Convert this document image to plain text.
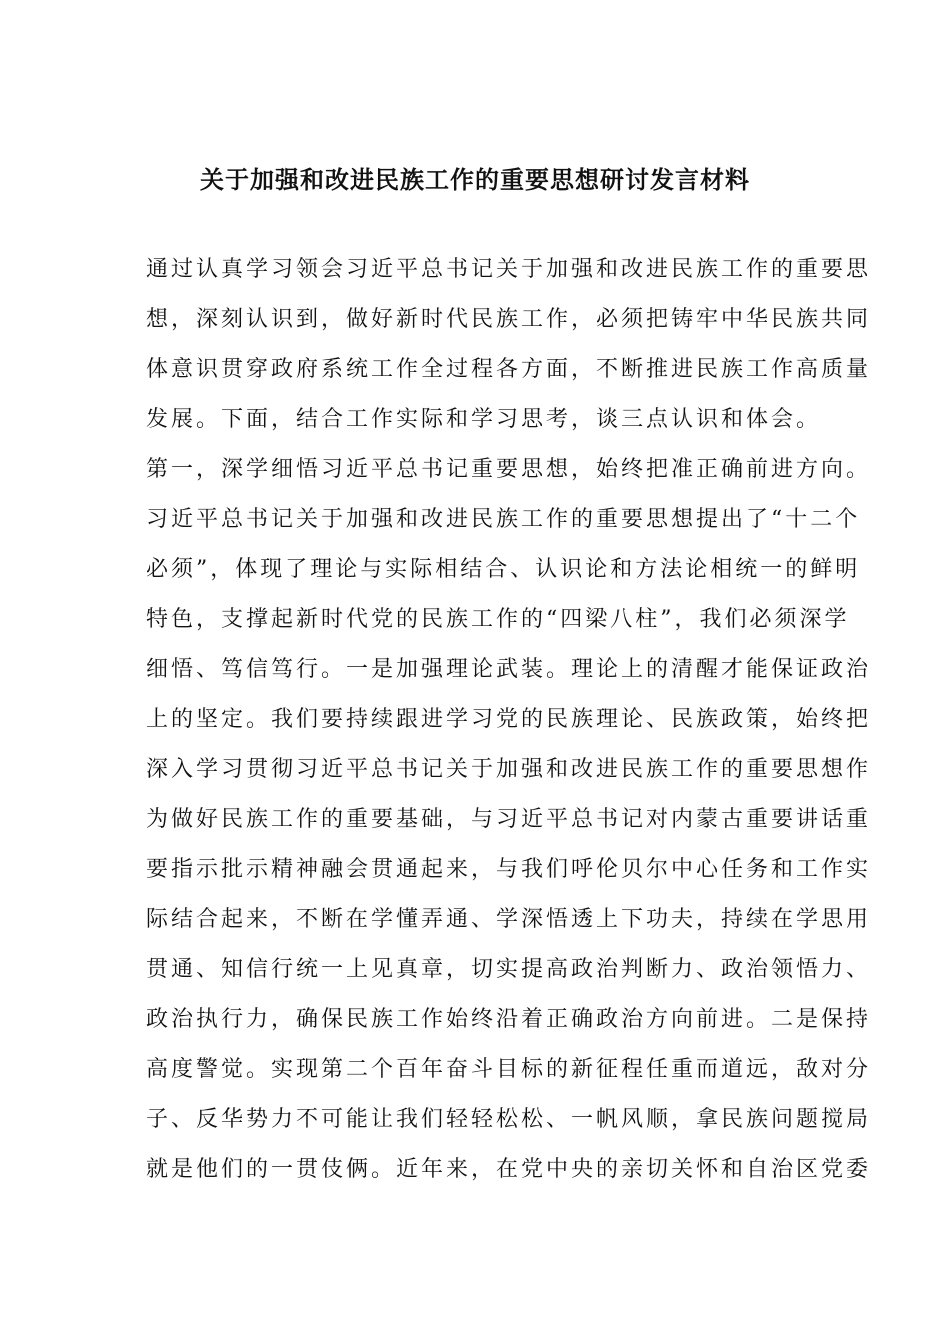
关于加强和改进民族工作的重要思想研讨发言材料
通过认真学习领会习近平总书记关于加强和改进民族工作的重要思
想，深刻认识到，做好新时代民族工作，必须把铸牢中华民族共同
体意识贯穿政府系统工作全过程各方面，不断推进民族工作高质量
发展。下面，结合工作实际和学习思考，谈三点认识和体会。
第一，深学细悟习近平总书记重要思想，始终把准正确前进方向。
习近平总书记关于加强和改进民族工作的重要思想提出了“十二个
必须”，体现了理论与实际相结合、认识论和方法论相统一的鲜明
特色，支撑起新时代党的民族工作的“四梁八柱”，我们必须深学
细悟、笃信笃行。一是加强理论武装。理论上的清醒才能保证政治
上的坚定。我们要持续跟进学习党的民族理论、民族政策，始终把
深入学习贯彻习近平总书记关于加强和改进民族工作的重要思想作
为做好民族工作的重要基础，与习近平总书记对内蒙古重要讲话重
要指示批示精神融会贯通起来，与我们呼伦贝尔中心任务和工作实
际结合起来，不断在学懂弄通、学深悟透上下功夫，持续在学思用
贯通、知信行统一上见真章，切实提高政治判断力、政治领悟力、
政治执行力，确保民族工作始终沿着正确政治方向前进。二是保持
高度警觉。实现第二个百年奋斗目标的新征程任重而道远，敌对分
子、反华势力不可能让我们轻轻松松、一帆风顺，拿民族问题搅局
就是他们的一贯伎俩。近年来，在党中央的亲切关怀和自治区党委
